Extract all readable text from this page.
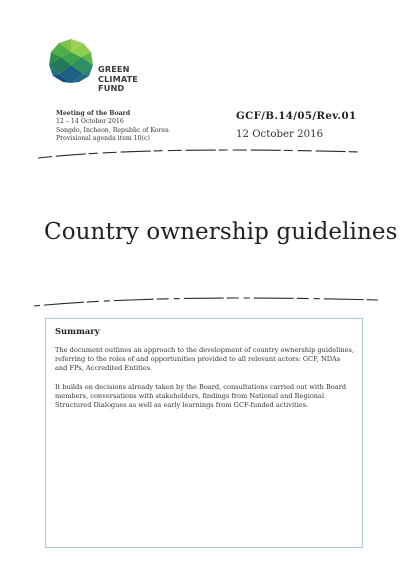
GREEN
CLIMATE
FUND
Meeting of the Board
12 – 14 October 2016
Songdo, Incheon, Republic of Korea
Provisional agenda item 10(c)
GCF/B.14/05/Rev.01
12 October 2016
Country ownership guidelines
Summary

The document outlines an approach to the development of country ownership guidelines, referring to the roles of and opportunities provided to all relevant actors: GCF, NDAs and FPs, Accredited Entities.

It builds on decisions already taken by the Board, consultations carried out with Board members, conversations with stakeholders, findings from National and Regional Structured Dialogues as well as early learnings from GCF-funded activities.
